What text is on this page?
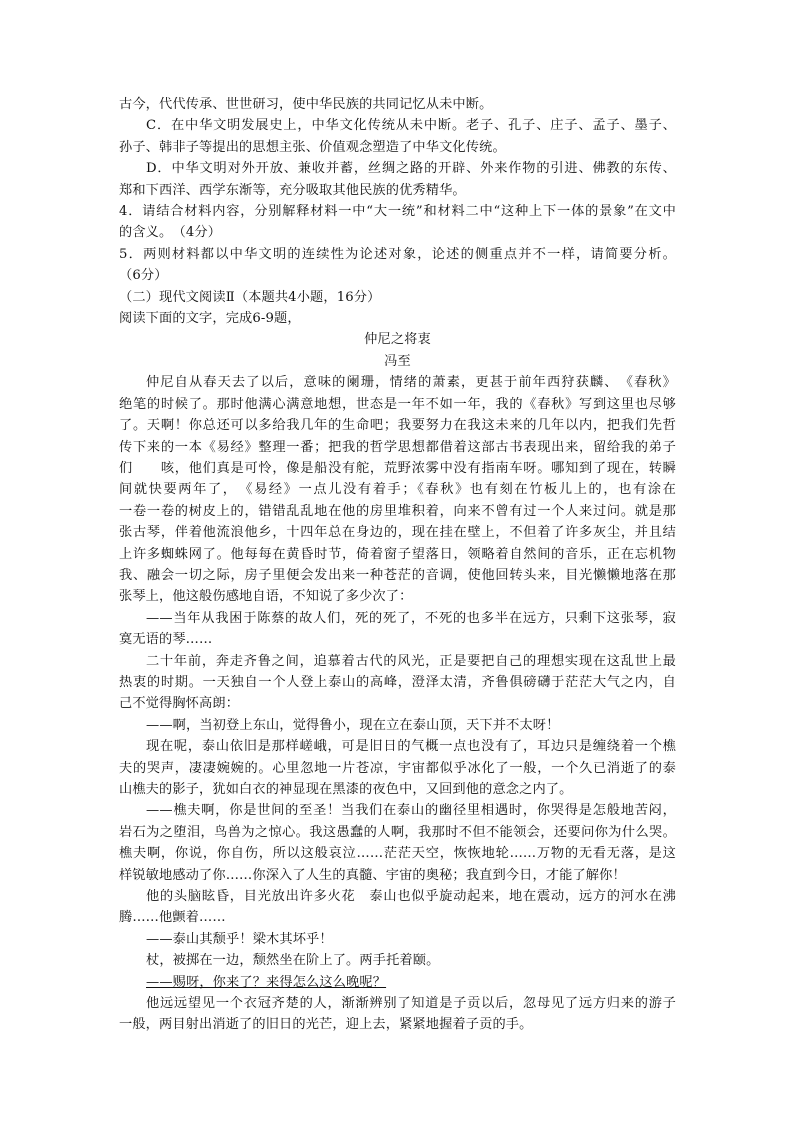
古今，代代传承、世世研习，使中华民族的共同记忆从未中断。

C．在中华文明发展史上，中华文化传统从未中断。老子、孔子、庄子、孟子、墨子、

孙子、韩非子等提出的思想主张、价值观念塑造了中华文化传统。

D．中华文明对外开放、兼收并蓄，丝绸之路的开辟、外来作物的引进、佛教的东传、

郑和下西洋、西学东渐等，充分吸取其他民族的优秀精华。

4．请结合材料内容，分别解释材料一中“大一统”和材料二中“这种上下一体的景象”在文中

的含义。　（4分）

5．两则材料都以中华文明的连续性为论述对象，论述的侧重点并不一样，请简要分析。

（6分）

（二）现代文阅读Ⅱ（本题共4小题，16分）

阅读下面的文字，完成6-9题，

仲尼之将衷

冯至

仲尼自从春天去了以后，意味的阑珊，情绪的萧素，更甚于前年西狩获麟、　《春秋》

绝笔的时候了。那时他满心满意地想，世态是一年不如一年，我的《春秋》写到这里也尽够

了。天啊！你总还可以多给我几年的生命吧；我要努力在我这未来的几年以内，把我们先哲

传下来的一本《易经》整理一番；把我的哲学思想都借着这部古书表现出来，留给我的弟子

们　　咳，他们真是可怜，像是船没有舵，荒野浓雾中没有指南车呀。哪知到了现在，转瞬

间就快要两年了，　《易经》一点儿没有着手；《春秋》也有刻在竹板儿上的，也有涂在

一卷一卷的树皮上的，错错乱乱地在他的房里堆积着，向来不曾有过一个人来过问。就是那

张古琴，伴着他流浪他乡，十四年总在身边的，现在挂在壁上，不但着了许多灰尘，并且结

上许多蜘蛛网了。他每每在黄昏时节，倚着窗子望落日，领略着自然间的音乐，正在忘机物

我、融会一切之际，房子里便会发出来一种苍茫的音调，使他回转头来，目光懒懒地落在那

张琴上，他这般伤感地自语，不知说了多少次了：

——当年从我困于陈蔡的故人们，死的死了，不死的也多半在远方，只剩下这张琴，寂

寞无语的琴……

二十年前，奔走齐鲁之间，追慕着古代的风光，正是要把自己的理想实现在这乱世上最

热衷的时期。一天独自一个人登上泰山的高峰，澄泽太清，齐鲁俱磅礴于茫茫大气之内，自

己不觉得胸怀高朗：

——啊，当初登上东山，觉得鲁小，现在立在泰山顶，天下并不太呀！

现在呢，泰山依旧是那样嵯峨，可是旧日的气概一点也没有了，耳边只是缠绕着一个樵

夫的哭声，凄凄婉婉的。心里忽地一片苍凉，宇宙都似乎冰化了一般，一个久已消逝了的泰

山樵夫的影子，犹如白衣的神显现在黑漆的夜色中，又回到他的意念之内了。

——樵夫啊，你是世间的至圣！当我们在泰山的幽径里相遇时，你哭得是怎般地苦闷，

岩石为之堕泪，鸟兽为之惊心。我这愚蠢的人啊，我那时不但不能领会，还要问你为什么哭。

樵夫啊，你说，你自伤，所以这般哀泣……茫茫天空，恢恢地轮……万物的无看无落，是这

样锐敏地感动了你……你深入了人生的真髓、宇宙的奥秘；我直到今日，才能了解你！

他的头脑眩昏，目光放出许多火花　泰山也似乎旋动起来，地在震动，远方的河水在沸

腾……他颤着……

——泰山其颓乎！梁木其坏乎！

杖，被掷在一边，颓然坐在阶上了。两手托着颐。

——赐呀，你来了？来得怎么这么晚呢？

他远远望见一个衣冠齐楚的人，渐渐辨别了知道是子贡以后，忽母见了远方归来的游子

一般，两目射出消逝了的旧日的光芒，迎上去，紧紧地握着子贡的手。
